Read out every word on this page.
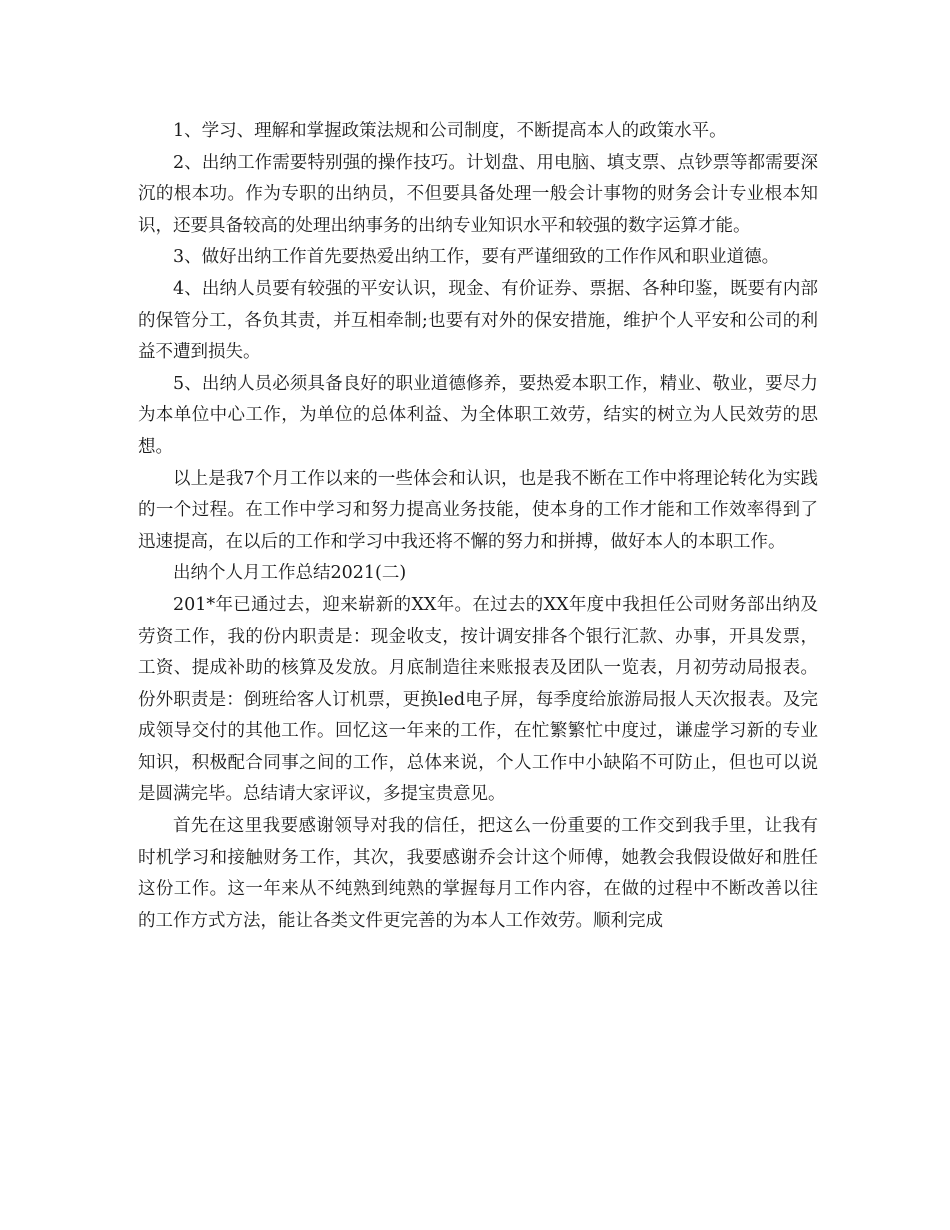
1、学习、理解和掌握政策法规和公司制度，不断提高本人的政策水平。

2、出纳工作需要特别强的操作技巧。计划盘、用电脑、填支票、点钞票等都需要深沉的根本功。作为专职的出纳员，不但要具备处理一般会计事物的财务会计专业根本知识，还要具备较高的处理出纳事务的出纳专业知识水平和较强的数字运算才能。

3、做好出纳工作首先要热爱出纳工作，要有严谨细致的工作作风和职业道德。

4、出纳人员要有较强的平安认识，现金、有价证券、票据、各种印鉴，既要有内部的保管分工，各负其责，并互相牵制;也要有对外的保安措施，维护个人平安和公司的利益不遭到损失。

5、出纳人员必须具备良好的职业道德修养，要热爱本职工作，精业、敬业，要尽力为本单位中心工作，为单位的总体利益、为全体职工效劳，结实的树立为人民效劳的思想。

以上是我7个月工作以来的一些体会和认识，也是我不断在工作中将理论转化为实践的一个过程。在工作中学习和努力提高业务技能，使本身的工作才能和工作效率得到了迅速提高，在以后的工作和学习中我还将不懈的努力和拼搏，做好本人的本职工作。

出纳个人月工作总结2021(二)

201*年已通过去，迎来崭新的XX年。在过去的XX年度中我担任公司财务部出纳及劳资工作，我的份内职责是：现金收支，按计调安排各个银行汇款、办事，开具发票，工资、提成补助的核算及发放。月底制造往来账报表及团队一览表，月初劳动局报表。份外职责是：倒班给客人订机票，更换led电子屏，每季度给旅游局报人天次报表。及完成领导交付的其他工作。回忆这一年来的工作，在忙繁繁忙中度过，谦虚学习新的专业知识，积极配合同事之间的工作，总体来说，个人工作中小缺陷不可防止，但也可以说是圆满完毕。总结请大家评议，多提宝贵意见。

首先在这里我要感谢领导对我的信任，把这么一份重要的工作交到我手里，让我有时机学习和接触财务工作，其次，我要感谢乔会计这个师傅，她教会我假设做好和胜任这份工作。这一年来从不纯熟到纯熟的掌握每月工作内容，在做的过程中不断改善以往的工作方式方法，能让各类文件更完善的为本人工作效劳。顺利完成
